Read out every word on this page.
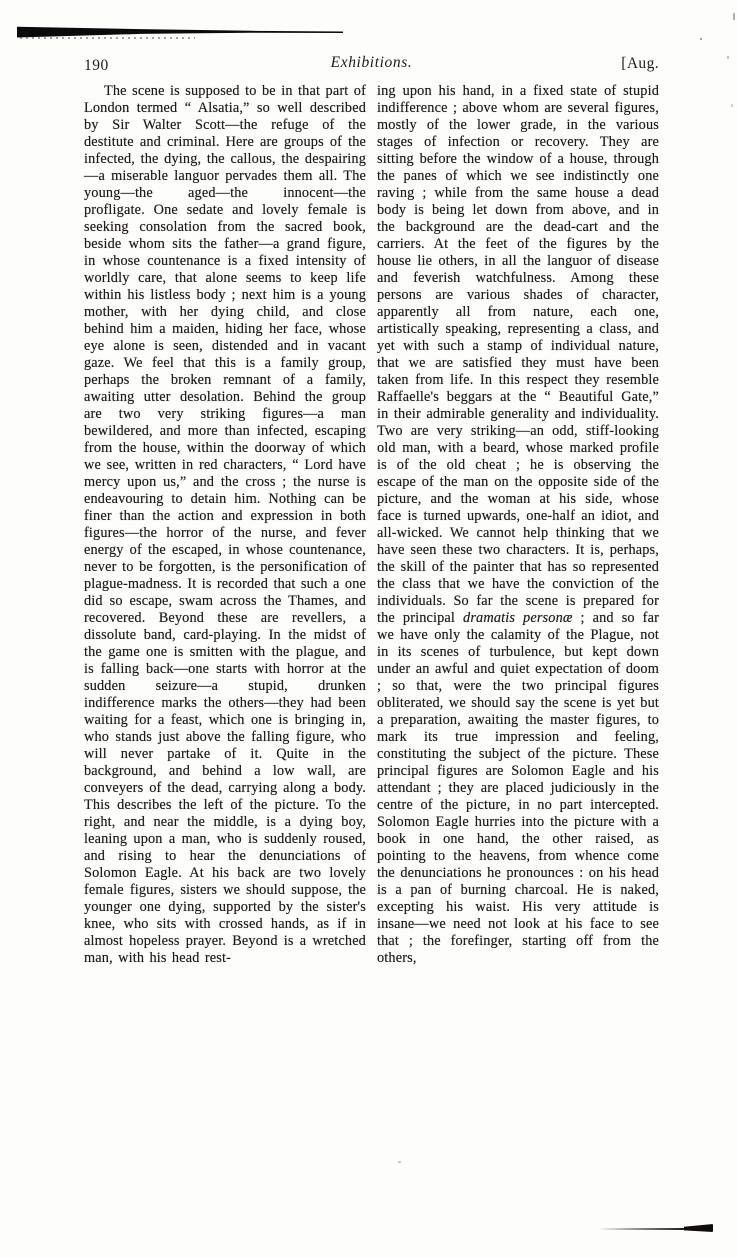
190	Exhibitions.	[Aug.

The scene is supposed to be in that part of London termed “ Alsatia,” so well described by Sir Walter Scott—the refuge of the destitute and criminal. Here are groups of the infected, the dying, the callous, the despairing—a miserable languor pervades them all. The young—the aged—the innocent—the profligate. One sedate and lovely female is seeking consolation from the sacred book, beside whom sits the father—a grand figure, in whose countenance is a fixed intensity of worldly care, that alone seems to keep life within his listless body ; next him is a young mother, with her dying child, and close behind him a maiden, hiding her face, whose eye alone is seen, distended and in vacant gaze. We feel that this is a family group, perhaps the broken remnant of a family, awaiting utter desolation. Behind the group are two very striking figures—a man bewildered, and more than infected, escaping from the house, within the doorway of which we see, written in red characters, “ Lord have mercy upon us,” and the cross ; the nurse is endeavouring to detain him. Nothing can be finer than the action and expression in both figures—the horror of the nurse, and fever energy of the escaped, in whose countenance, never to be forgotten, is the personification of plague-madness. It is recorded that such a one did so escape, swam across the Thames, and recovered. Beyond these are revellers, a dissolute band, card-playing. In the midst of the game one is smitten with the plague, and is falling back—one starts with horror at the sudden seizure—a stupid, drunken indifference marks the others—they had been waiting for a feast, which one is bringing in, who stands just above the falling figure, who will never partake of it. Quite in the background, and behind a low wall, are conveyers of the dead, carrying along a body. This describes the left of the picture. To the right, and near the middle, is a dying boy, leaning upon a man, who is suddenly roused, and rising to hear the denunciations of Solomon Eagle. At his back are two lovely female figures, sisters we should suppose, the younger one dying, supported by the sister's knee, who sits with crossed hands, as if in almost hopeless prayer. Beyond is a wretched man, with his head rest-

ing upon his hand, in a fixed state of stupid indifference ; above whom are several figures, mostly of the lower grade, in the various stages of infection or recovery. They are sitting before the window of a house, through the panes of which we see indistinctly one raving ; while from the same house a dead body is being let down from above, and in the background are the dead-cart and the carriers. At the feet of the figures by the house lie others, in all the languor of disease and feverish watchfulness. Among these persons are various shades of character, apparently all from nature, each one, artistically speaking, representing a class, and yet with such a stamp of individual nature, that we are satisfied they must have been taken from life. In this respect they resemble Raffaelle's beggars at the “ Beautiful Gate,” in their admirable generality and individuality. Two are very striking—an odd, stiff-looking old man, with a beard, whose marked profile is of the old cheat ; he is observing the escape of the man on the opposite side of the picture, and the woman at his side, whose face is turned upwards, one-half an idiot, and all-wicked. We cannot help thinking that we have seen these two characters. It is, perhaps, the skill of the painter that has so represented the class that we have the conviction of the individuals. So far the scene is prepared for the principal dramatis personæ ; and so far we have only the calamity of the Plague, not in its scenes of turbulence, but kept down under an awful and quiet expectation of doom ; so that, were the two principal figures obliterated, we should say the scene is yet but a preparation, awaiting the master figures, to mark its true impression and feeling, constituting the subject of the picture. These principal figures are Solomon Eagle and his attendant ; they are placed judiciously in the centre of the picture, in no part intercepted. Solomon Eagle hurries into the picture with a book in one hand, the other raised, as pointing to the heavens, from whence come the denunciations he pronounces : on his head is a pan of burning charcoal. He is naked, excepting his waist. His very attitude is insane—we need not look at his face to see that ; the forefinger, starting off from the others,
